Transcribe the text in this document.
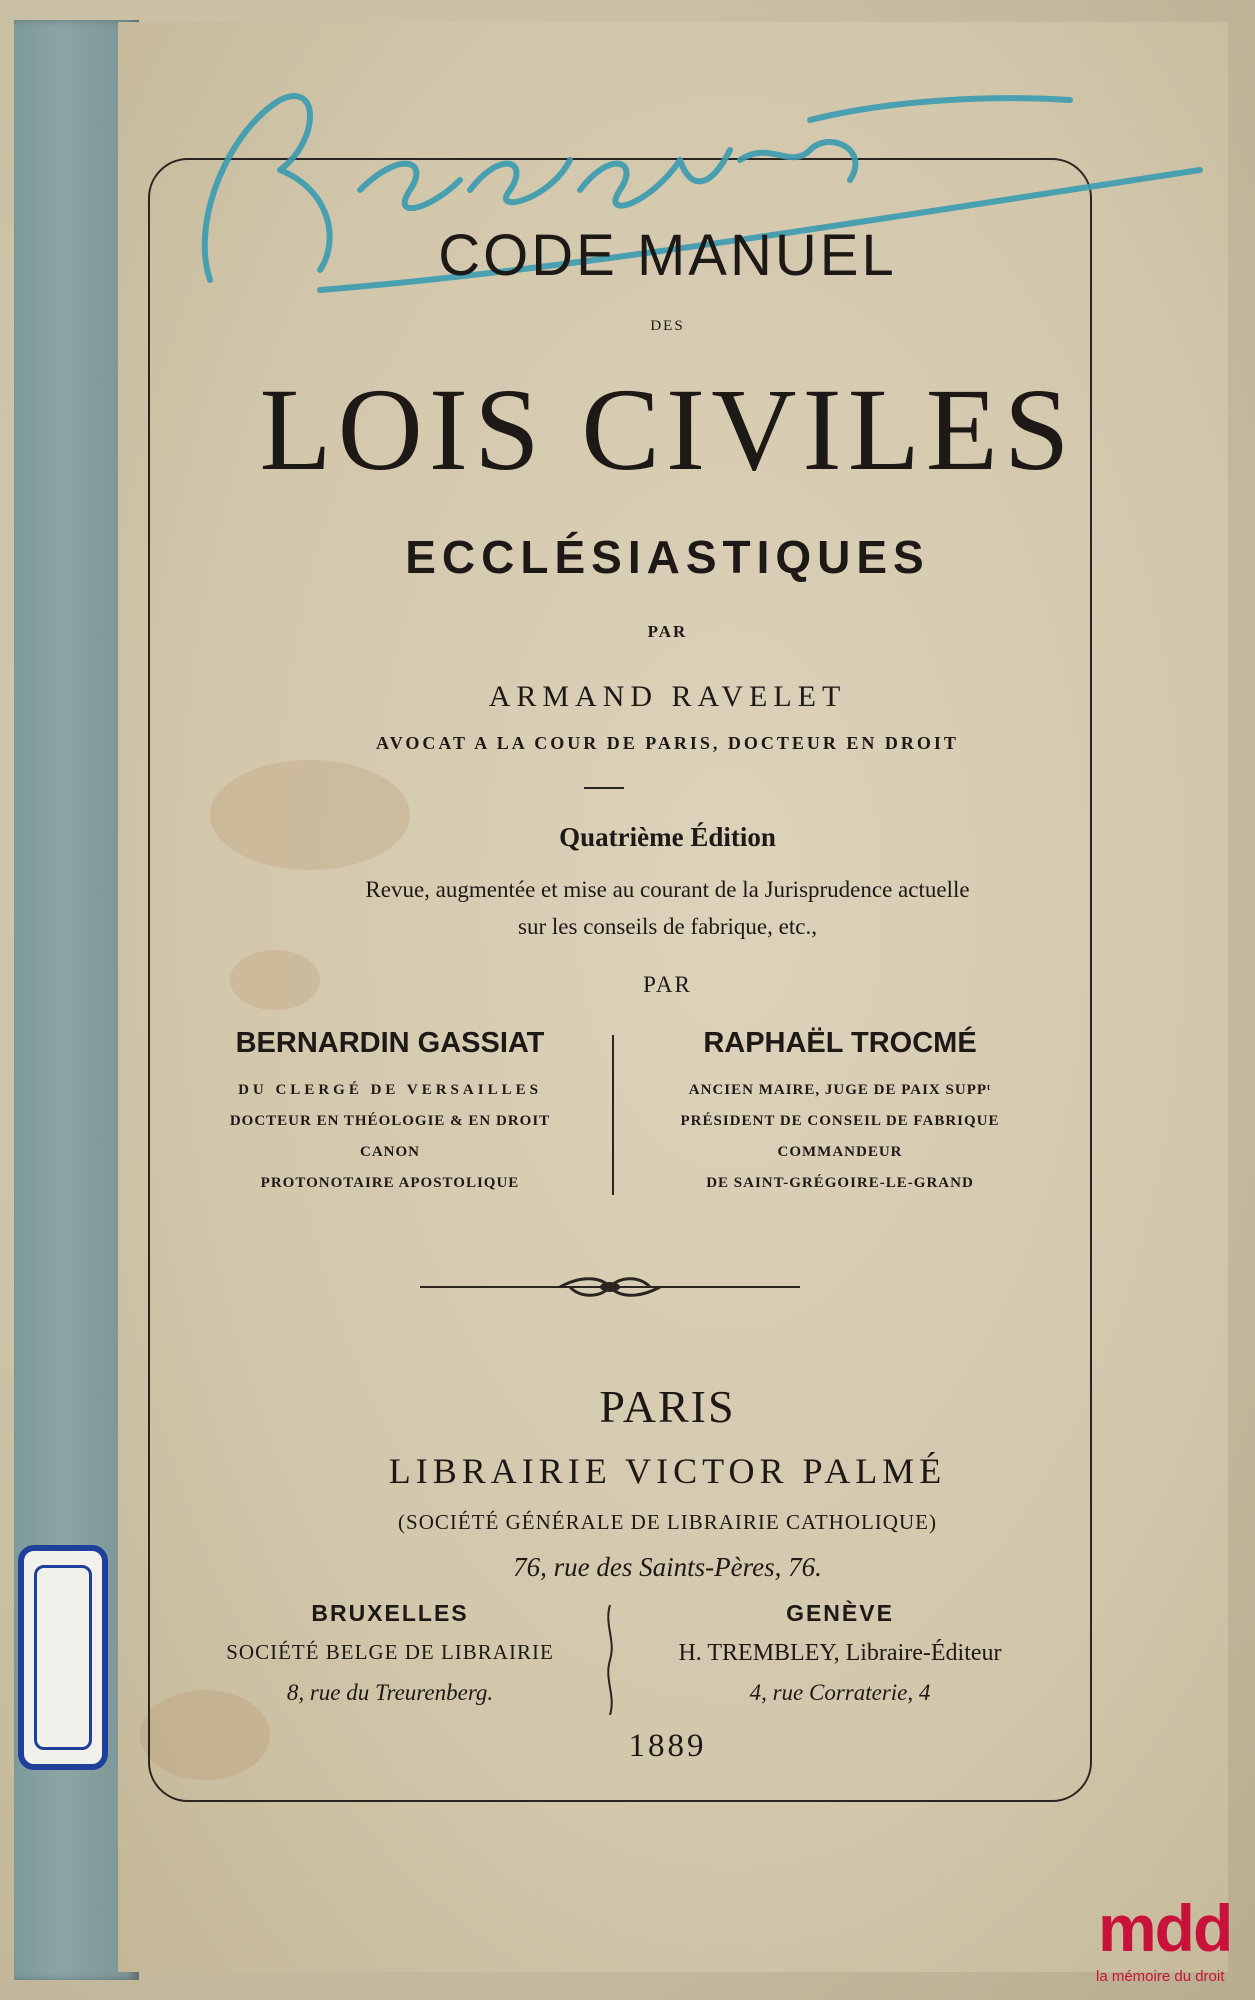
CODE MANUEL
DES
LOIS CIVILES
ECCLÉSIASTIQUES
PAR
ARMAND RAVELET
AVOCAT A LA COUR DE PARIS, DOCTEUR EN DROIT
Quatrième Édition
Revue, augmentée et mise au courant de la Jurisprudence actuelle
sur les conseils de fabrique, etc.,
PAR
BERNARDIN GASSIAT
DU CLERGÉ DE VERSAILLES
DOCTEUR EN THÉOLOGIE & EN DROIT
CANON
PROTONOTAIRE APOSTOLIQUE
RAPHAËL TROCMÉ
ANCIEN MAIRE, JUGE DE PAIX SUPPᵗ
PRÉSIDENT DE CONSEIL DE FABRIQUE
COMMANDEUR
DE SAINT-GRÉGOIRE-LE-GRAND
PARIS
LIBRAIRIE VICTOR PALMÉ
(SOCIÉTÉ GÉNÉRALE DE LIBRAIRIE CATHOLIQUE)
76, rue des Saints-Pères, 76.
BRUXELLES
SOCIÉTÉ BELGE DE LIBRAIRIE
8, rue du Treurenberg.
GENÈVE
H. TREMBLEY, Libraire-Éditeur
4, rue Corraterie, 4
1889
mdd
la mémoire du droit
